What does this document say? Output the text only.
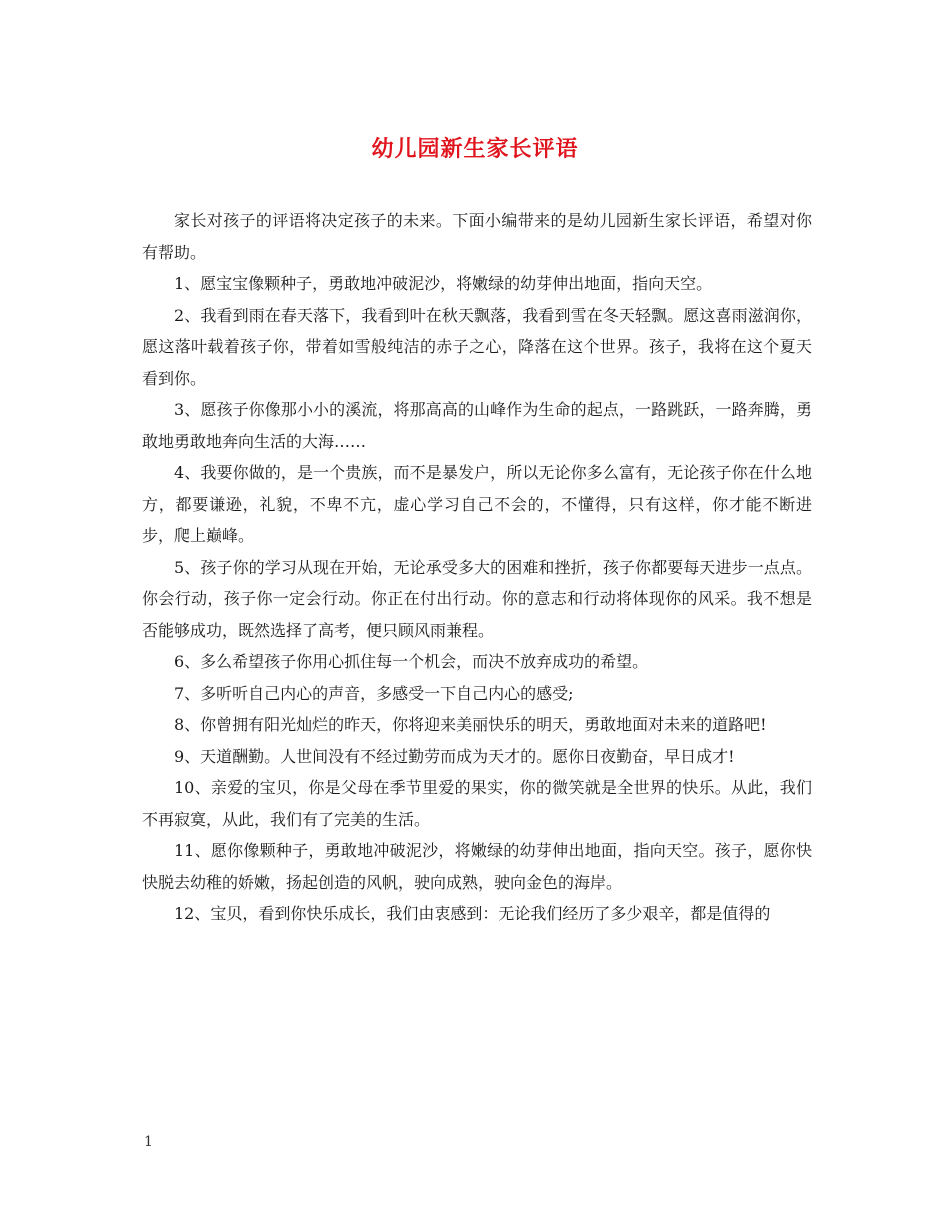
幼儿园新生家长评语

家长对孩子的评语将决定孩子的未来。下面小编带来的是幼儿园新生家长评语，希望对你有帮助。

1、愿宝宝像颗种子，勇敢地冲破泥沙，将嫩绿的幼芽伸出地面，指向天空。

2、我看到雨在春天落下，我看到叶在秋天飘落，我看到雪在冬天轻飘。愿这喜雨滋润你，愿这落叶载着孩子你，带着如雪般纯洁的赤子之心，降落在这个世界。孩子，我将在这个夏天看到你。

3、愿孩子你像那小小的溪流，将那高高的山峰作为生命的起点，一路跳跃，一路奔腾，勇敢地勇敢地奔向生活的大海……

4、我要你做的，是一个贵族，而不是暴发户，所以无论你多么富有，无论孩子你在什么地方，都要谦逊，礼貌，不卑不亢，虚心学习自己不会的，不懂得，只有这样，你才能不断进步，爬上巅峰。

5、孩子你的学习从现在开始，无论承受多大的困难和挫折，孩子你都要每天进步一点点。你会行动，孩子你一定会行动。你正在付出行动。你的意志和行动将体现你的风采。我不想是否能够成功，既然选择了高考，便只顾风雨兼程。

6、多么希望孩子你用心抓住每一个机会，而决不放弃成功的希望。

7、多听听自己内心的声音，多感受一下自己内心的感受;

8、你曾拥有阳光灿烂的昨天，你将迎来美丽快乐的明天，勇敢地面对未来的道路吧!

9、天道酬勤。人世间没有不经过勤劳而成为天才的。愿你日夜勤奋，早日成才!

10、亲爱的宝贝，你是父母在季节里爱的果实，你的微笑就是全世界的快乐。从此，我们不再寂寞，从此，我们有了完美的生活。

11、愿你像颗种子，勇敢地冲破泥沙，将嫩绿的幼芽伸出地面，指向天空。孩子，愿你快快脱去幼稚的娇嫩，扬起创造的风帆，驶向成熟，驶向金色的海岸。

12、宝贝，看到你快乐成长，我们由衷感到：无论我们经历了多少艰辛，都是值得的

1
